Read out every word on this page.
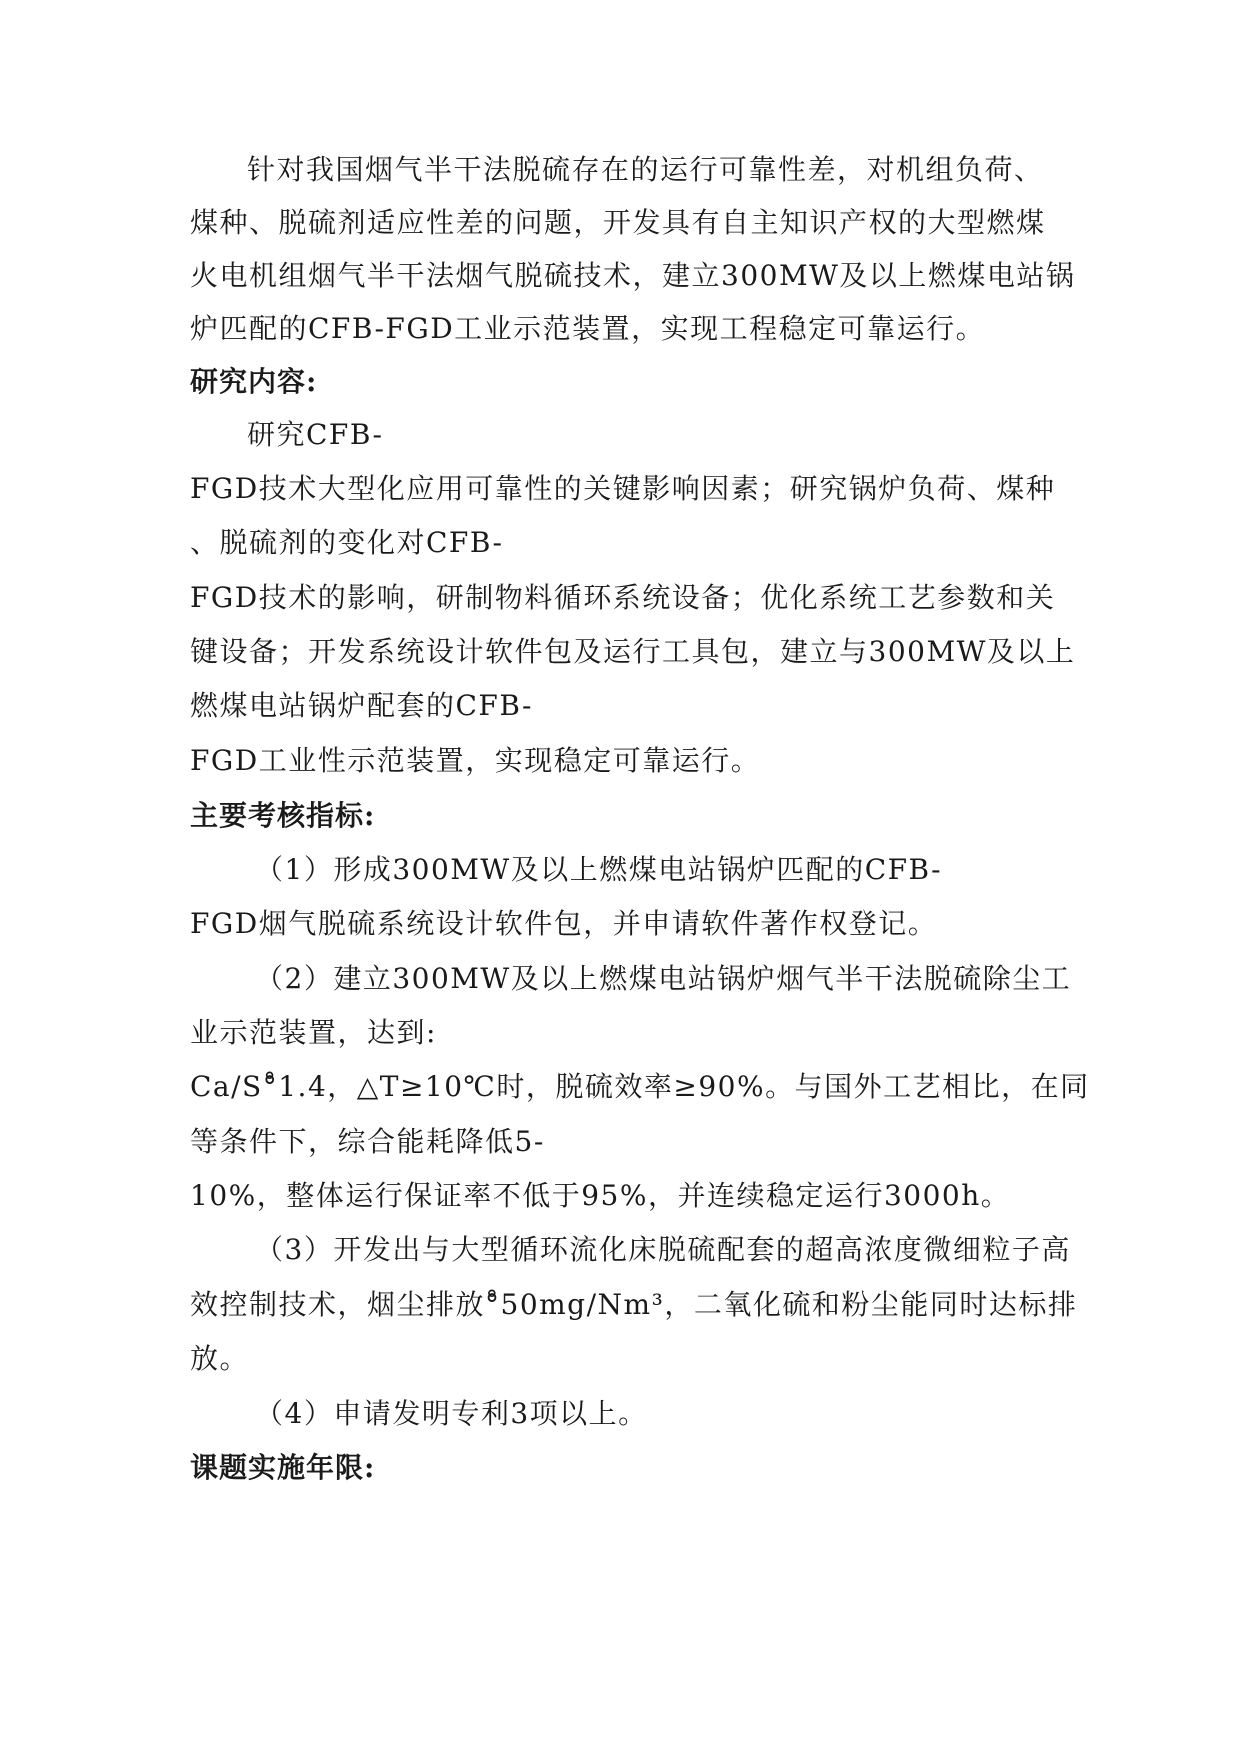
针对我国烟气半干法脱硫存在的运行可靠性差，对机组负荷、
煤种、脱硫剂适应性差的问题，开发具有自主知识产权的大型燃煤
火电机组烟气半干法烟气脱硫技术，建立300MW及以上燃煤电站锅
炉匹配的CFB-FGD工业示范装置，实现工程稳定可靠运行。
研究内容:
研究CFB-
FGD技术大型化应用可靠性的关键影响因素；研究锅炉负荷、煤种
、脱硫剂的变化对CFB-
FGD技术的影响，研制物料循环系统设备；优化系统工艺参数和关
键设备；开发系统设计软件包及运行工具包，建立与300MW及以上
燃煤电站锅炉配套的CFB-
FGD工业性示范装置，实现稳定可靠运行。
主要考核指标:
（1）形成300MW及以上燃煤电站锅炉匹配的CFB-
FGD烟气脱硫系统设计软件包，并申请软件著作权登记。
（2）建立300MW及以上燃煤电站锅炉烟气半干法脱硫除尘工
业示范装置，达到:
Ca/S°̊1.4，△T≥10℃时，脱硫效率≥90%。与国外工艺相比，在同
等条件下，综合能耗降低5-
10%，整体运行保证率不低于95%，并连续稳定运行3000h。
（3）开发出与大型循环流化床脱硫配套的超高浓度微细粒子高
效控制技术，烟尘排放°̊50mg/Nm³，二氧化硫和粉尘能同时达标排
放。
（4）申请发明专利3项以上。
课题实施年限:
